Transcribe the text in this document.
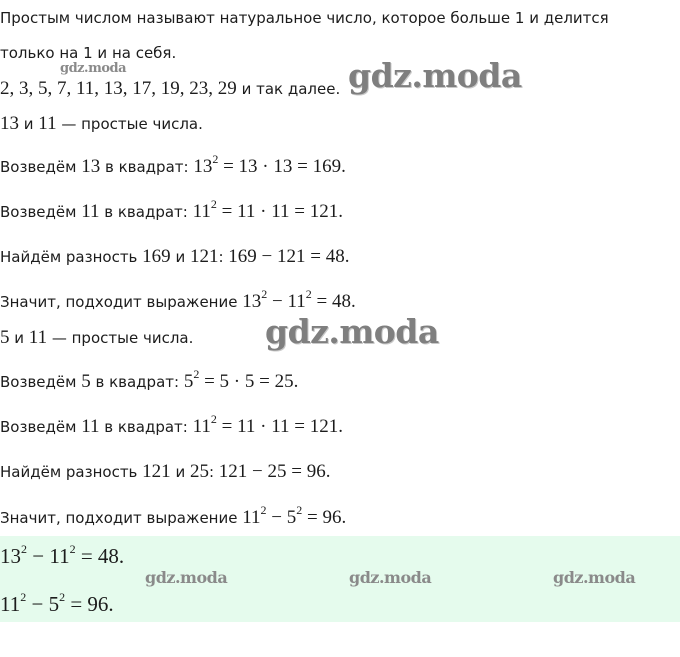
Простым числом называют натуральное число, которое больше 1 и делится
только на 1 и на себя.
2, 3, 5, 7, 11, 13, 17, 19, 23, 29 и так далее.
13 и 11 — простые числа.
Возведём 13 в квадрат: $13^2 = 13 \cdot 13 = 169$.
Возведём 11 в квадрат: $11^2 = 11 \cdot 11 = 121$.
Найдём разность 169 и 121: 169 − 121 = 48.
Значит, подходит выражение $13^2 - 11^2 = 48$.
5 и 11 — простые числа.
Возведём 5 в квадрат: $5^2 = 5 \cdot 5 = 25$.
Возведём 11 в квадрат: $11^2 = 11 \cdot 11 = 121$.
Найдём разность 121 и 25: 121 − 25 = 96.
Значит, подходит выражение $11^2 - 5^2 = 96$.
$13^2 - 11^2 = 48$.
$11^2 - 5^2 = 96$.
gdz.moda	gdz.moda
gdz.moda
gdz.moda	gdz.moda	gdz.moda
